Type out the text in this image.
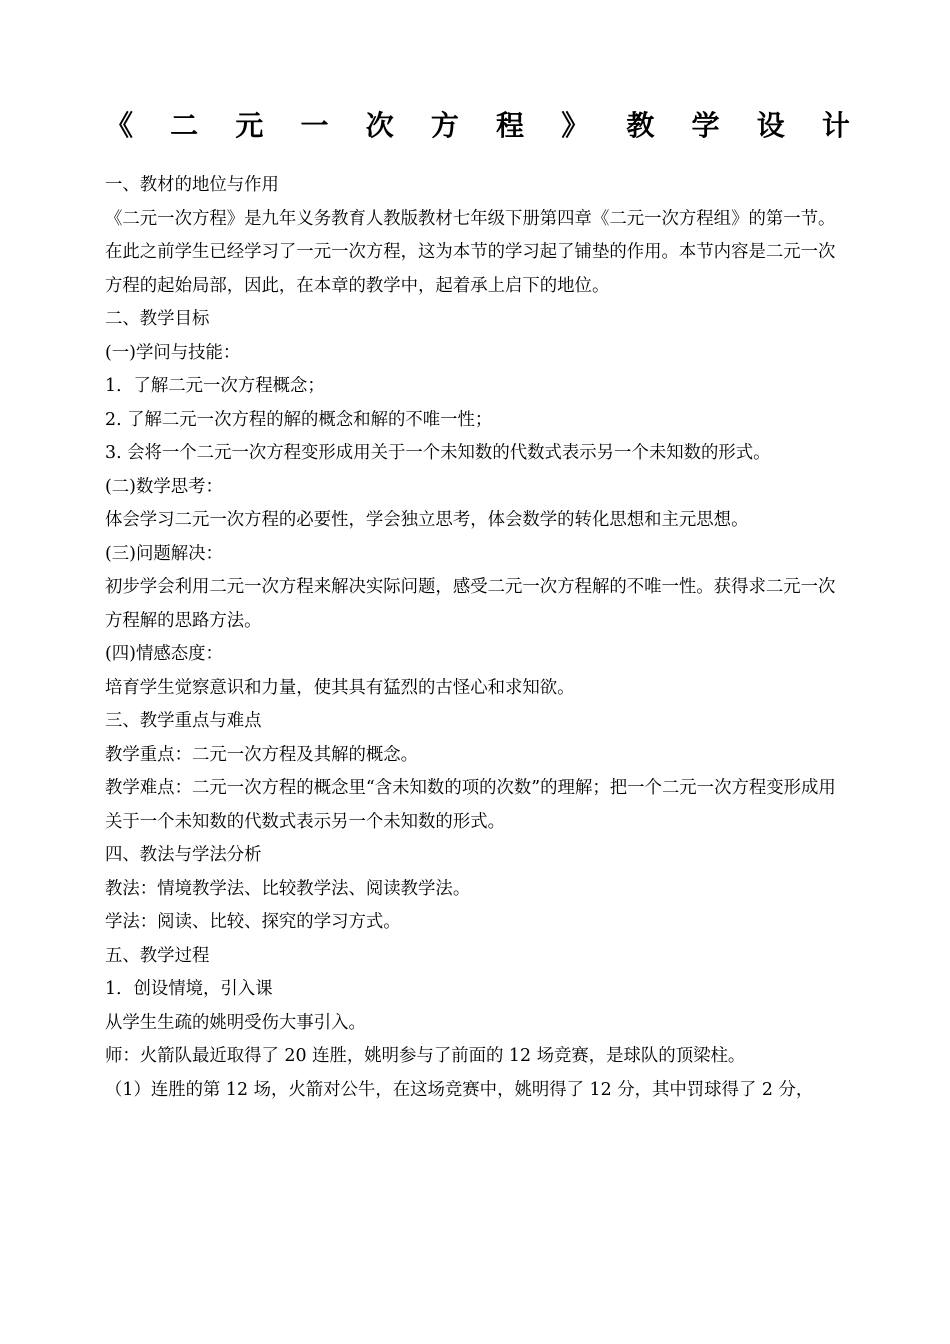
《 二 元 一 次 方 程 》 教 学 设 计

一、教材的地位与作用

《二元一次方程》是九年义务教育人教版教材七年级下册第四章《二元一次方程组》的第一节。在此之前学生已经学习了一元一次方程，这为本节的学习起了铺垫的作用。本节内容是二元一次方程的起始局部，因此，在本章的教学中，起着承上启下的地位。

二、教学目标

(一)学问与技能：

1．了解二元一次方程概念；

2. 了解二元一次方程的解的概念和解的不唯一性；

3. 会将一个二元一次方程变形成用关于一个未知数的代数式表示另一个未知数的形式。

(二)数学思考：

体会学习二元一次方程的必要性，学会独立思考，体会数学的转化思想和主元思想。

(三)问题解决：

初步学会利用二元一次方程来解决实际问题，感受二元一次方程解的不唯一性。获得求二元一次方程解的思路方法。

(四)情感态度：

培育学生觉察意识和力量，使其具有猛烈的古怪心和求知欲。

三、教学重点与难点

教学重点：二元一次方程及其解的概念。

教学难点：二元一次方程的概念里“含未知数的项的次数”的理解；把一个二元一次方程变形成用关于一个未知数的代数式表示另一个未知数的形式。

四、教法与学法分析

教法：情境教学法、比较教学法、阅读教学法。

学法：阅读、比较、探究的学习方式。

五、教学过程

1．创设情境，引入课

从学生生疏的姚明受伤大事引入。

师：火箭队最近取得了 20 连胜，姚明参与了前面的 12 场竞赛，是球队的顶梁柱。

（1）连胜的第 12 场，火箭对公牛，在这场竞赛中，姚明得了 12 分，其中罚球得了 2 分，
